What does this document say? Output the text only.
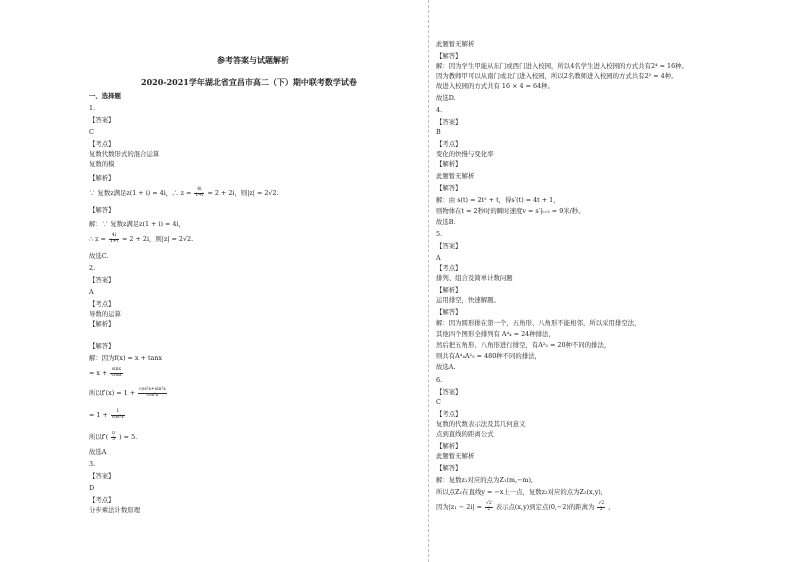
参考答案与试题解析
2020-2021学年湖北省宜昌市高二（下）期中联考数学试卷
一、选择题
1.
【答案】
C
【考点】
复数代数形式的混合运算
复数的模
【解析】
∵ 复数z满足z(1 + i) = 4i，∴ $z = \frac{4i}{1+i} = 2 + 2i$，则|z| = 2√2.
【解答】
解：∵ 复数z满足z(1 + i) = 4i，
∴ $z = \frac{4i}{1+i} = 2 + 2i$，则|z| = 2√2.
故选C.
2.
【答案】
A
【考点】
导数的运算
【解析】
【解答】
解：因为f(x) = x + tanx
= $x + \frac{\sin x}{\cos x}$
所以$f'(x) = 1 + \frac{\text{cos²x+sin²x}}{\text{cos²x}}$
= $1 + \frac{1}{\text{cos²x}}$
所以$f'( \frac{\pi}{3}$ ) = 5.
故选A
3.
【答案】
D
【考点】
分步乘法计数原理
此题暂无解析
【解答】
解：因为学生甲能从东门或西门进入校园，所以4名学生进入校园的方式共有2⁴ = 16种。
因为教师甲可以从南门或北门进入校园，所以2名教师进入校园的方式共有2² = 4种。
故进入校园的方式共有 16 × 4 = 64种。
故选D.
4.
【答案】
B
【考点】
变化的快慢与变化率
【解析】
此题暂无解析
【解答】
解：由 s(t) = 2t² + t，得s′(t) = 4t + 1，
则物体在t = 2秒时的瞬时速度v = s′|ₜ₌₂ = 9米/秒。
故选B.
5.
【答案】
A
【考点】
排列、组合及简单计数问题
【解析】
运用排空，快速解题。
【解答】
解：因为圆形排在第一个，五角形、八角形不能相邻，所以采用排空法，
其他四个图形全排列有 A⁴₄ = 24种排法，
然后把五角形、八角形进行排空，有A²₅ = 20种不同的排法，
则共有A⁴₄A²₅ = 480种不同的排法，
故选A.
6.
【答案】
C
【考点】
复数的代数表示法及其几何意义
点到直线的距离公式
【解析】
此题暂无解析
【解答】
解：复数z₁对应的点为Z₁(m,−m),
所以点Z₁在直线y = −x上一点，复数z₂对应的点为Z₂(x,y),
因为$|z_1 - 2i| = \frac{√2}{2}$ 表示点(x,y)到定点(0,−2)的距离为 $\frac{√2}{2}$ ,
